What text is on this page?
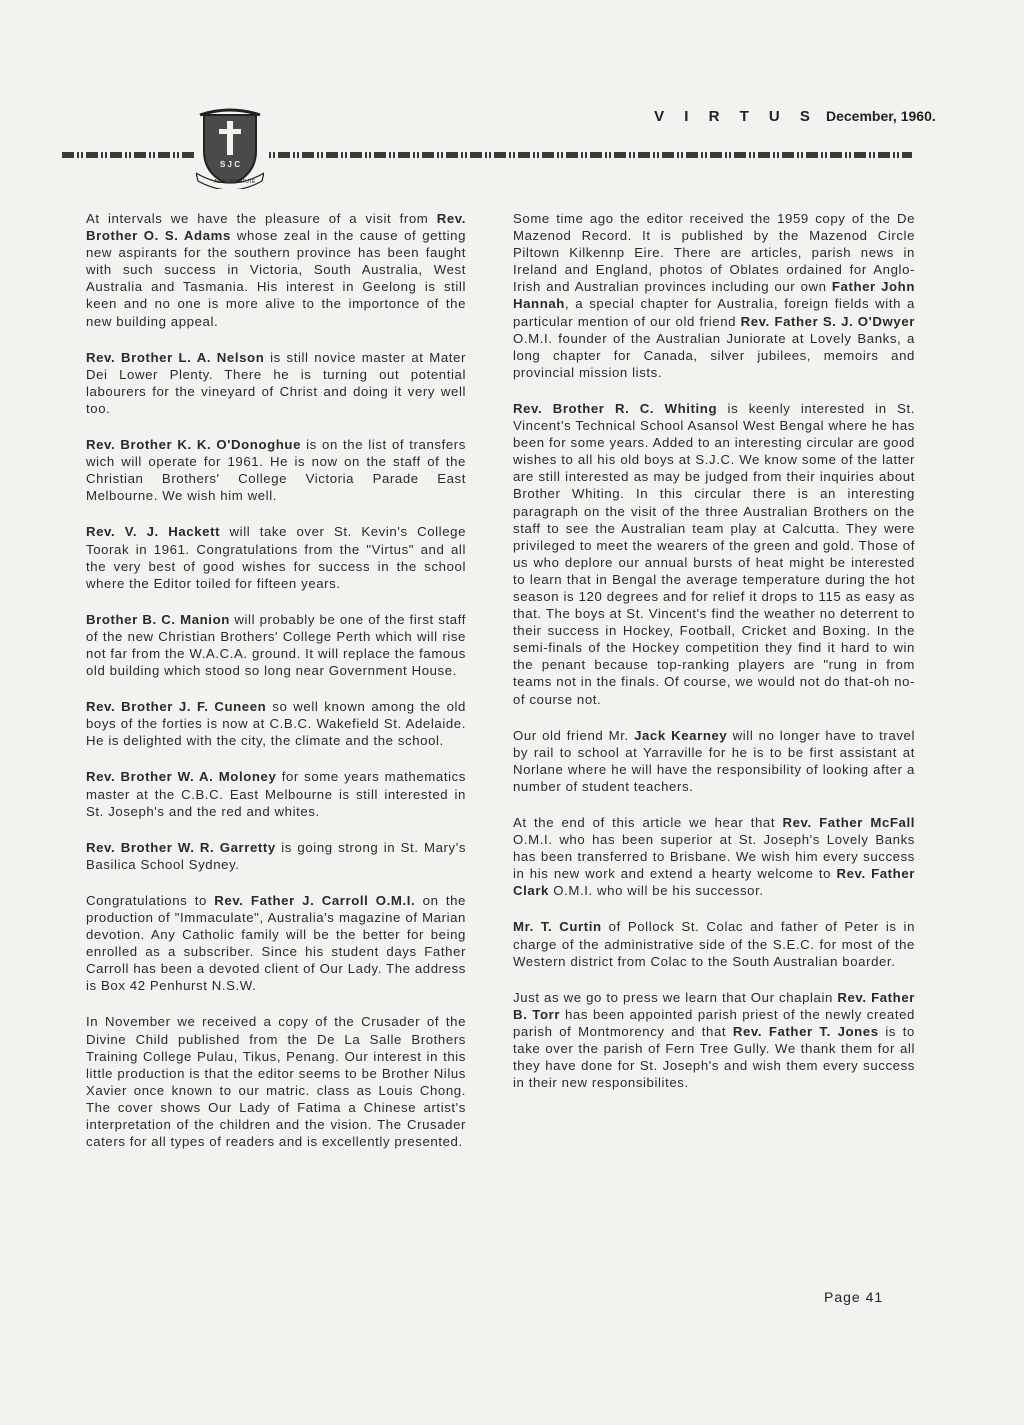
S J C
AD ALTA VIRTUTE
V I R T U S December, 1960.

At intervals we have the pleasure of a visit from Rev. Brother O. S. Adams whose zeal in the cause of getting new aspirants for the southern province has been faught with such success in Victoria, South Australia, West Australia and Tasmania. His interest in Geelong is still keen and no one is more alive to the importonce of the new building appeal.

Rev. Brother L. A. Nelson is still novice master at Mater Dei Lower Plenty. There he is turning out potential labourers for the vineyard of Christ and doing it very well too.

Rev. Brother K. K. O'Donoghue is on the list of transfers wich will operate for 1961. He is now on the staff of the Christian Brothers' College Victoria Parade East Melbourne. We wish him well.

Rev. V. J. Hackett will take over St. Kevin's College Toorak in 1961. Congratulations from the "Virtus" and all the very best of good wishes for success in the school where the Editor toiled for fifteen years.

Brother B. C. Manion will probably be one of the first staff of the new Christian Brothers' College Perth which will rise not far from the W.A.C.A. ground. It will replace the famous old building which stood so long near Government House.

Rev. Brother J. F. Cuneen so well known among the old boys of the forties is now at C.B.C. Wakefield St. Adelaide. He is delighted with the city, the climate and the school.

Rev. Brother W. A. Moloney for some years mathematics master at the C.B.C. East Melbourne is still interested in St. Joseph's and the red and whites.

Rev. Brother W. R. Garretty is going strong in St. Mary's Basilica School Sydney.

Congratulations to Rev. Father J. Carroll O.M.I. on the production of "Immaculate", Australia's magazine of Marian devotion. Any Catholic family will be the better for being enrolled as a subscriber. Since his student days Father Carroll has been a devoted client of Our Lady. The address is Box 42 Penhurst N.S.W.

In November we received a copy of the Crusader of the Divine Child published from the De La Salle Brothers Training College Pulau, Tikus, Penang. Our interest in this little production is that the editor seems to be Brother Nilus Xavier once known to our matric. class as Louis Chong. The cover shows Our Lady of Fatima a Chinese artist's interpretation of the children and the vision. The Crusader caters for all types of readers and is excellently presented.

Some time ago the editor received the 1959 copy of the De Mazenod Record. It is published by the Mazenod Circle Piltown Kilkennp Eire. There are articles, parish news in Ireland and England, photos of Oblates ordained for Anglo-Irish and Australian provinces including our own Father John Hannah, a special chapter for Australia, foreign fields with a particular mention of our old friend Rev. Father S. J. O'Dwyer O.M.I. founder of the Australian Juniorate at Lovely Banks, a long chapter for Canada, silver jubilees, memoirs and provincial mission lists.

Rev. Brother R. C. Whiting is keenly interested in St. Vincent's Technical School Asansol West Bengal where he has been for some years. Added to an interesting circular are good wishes to all his old boys at S.J.C. We know some of the latter are still interested as may be judged from their inquiries about Brother Whiting. In this circular there is an interesting paragraph on the visit of the three Australian Brothers on the staff to see the Australian team play at Calcutta. They were privileged to meet the wearers of the green and gold. Those of us who deplore our annual bursts of heat might be interested to learn that in Bengal the average temperature during the hot season is 120 degrees and for relief it drops to 115 as easy as that. The boys at St. Vincent's find the weather no deterrent to their success in Hockey, Football, Cricket and Boxing. In the semi-finals of the Hockey competition they find it hard to win the penant because top-ranking players are "rung in from teams not in the finals. Of course, we would not do that-oh no-of course not.

Our old friend Mr. Jack Kearney will no longer have to travel by rail to school at Yarraville for he is to be first assistant at Norlane where he will have the responsibility of looking after a number of student teachers.

At the end of this article we hear that Rev. Father McFall O.M.I. who has been superior at St. Joseph's Lovely Banks has been transferred to Brisbane. We wish him every success in his new work and extend a hearty welcome to Rev. Father Clark O.M.I. who will be his successor.

Mr. T. Curtin of Pollock St. Colac and father of Peter is in charge of the administrative side of the S.E.C. for most of the Western district from Colac to the South Australian boarder.

Just as we go to press we learn that Our chaplain Rev. Father B. Torr has been appointed parish priest of the newly created parish of Montmorency and that Rev. Father T. Jones is to take over the parish of Fern Tree Gully. We thank them for all they have done for St. Joseph's and wish them every success in their new responsibilites.

Page 41
